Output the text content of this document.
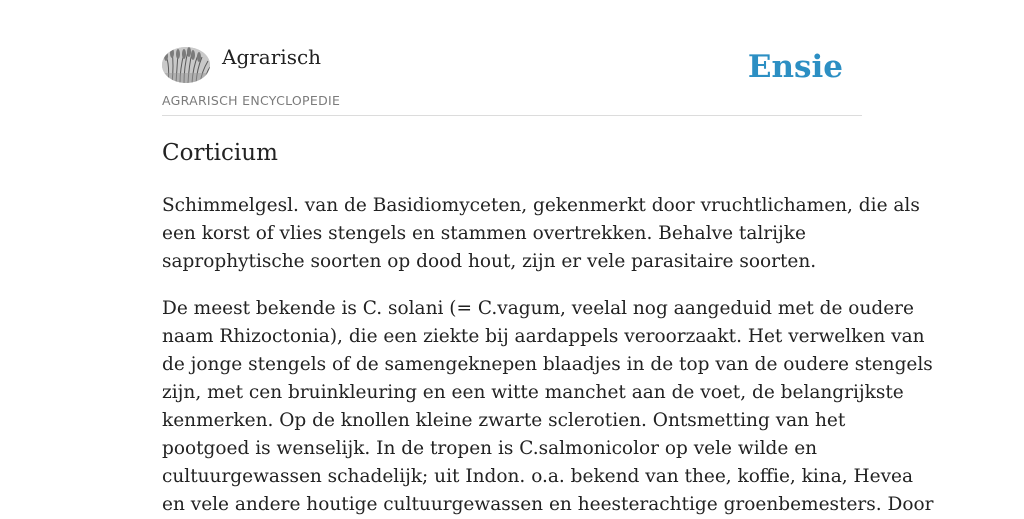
Agrarisch
AGRARISCH ENCYCLOPEDIE
Ensie
Corticium

Schimmelgesl. van de Basidiomyceten, gekenmerkt door vruchtlichamen, die als
een korst of vlies stengels en stammen overtrekken. Behalve talrijke
saprophytische soorten op dood hout, zijn er vele parasitaire soorten.

De meest bekende is C. solani (= C.vagum, veelal nog aangeduid met de oudere
naam Rhizoctonia), die een ziekte bij aardappels veroorzaakt. Het verwelken van
de jonge stengels of de samengeknepen blaadjes in de top van de oudere stengels
zijn, met cen bruinkleuring en een witte manchet aan de voet, de belangrijkste
kenmerken. Op de knollen kleine zwarte sclerotien. Ontsmetting van het
pootgoed is wenselijk. In de tropen is C.salmonicolor op vele wilde en
cultuurgewassen schadelijk; uit Indon. o.a. bekend van thee, koffie, kina, Hevea
en vele andere houtige cultuurgewassen en heesterachtige groenbemesters. Door
